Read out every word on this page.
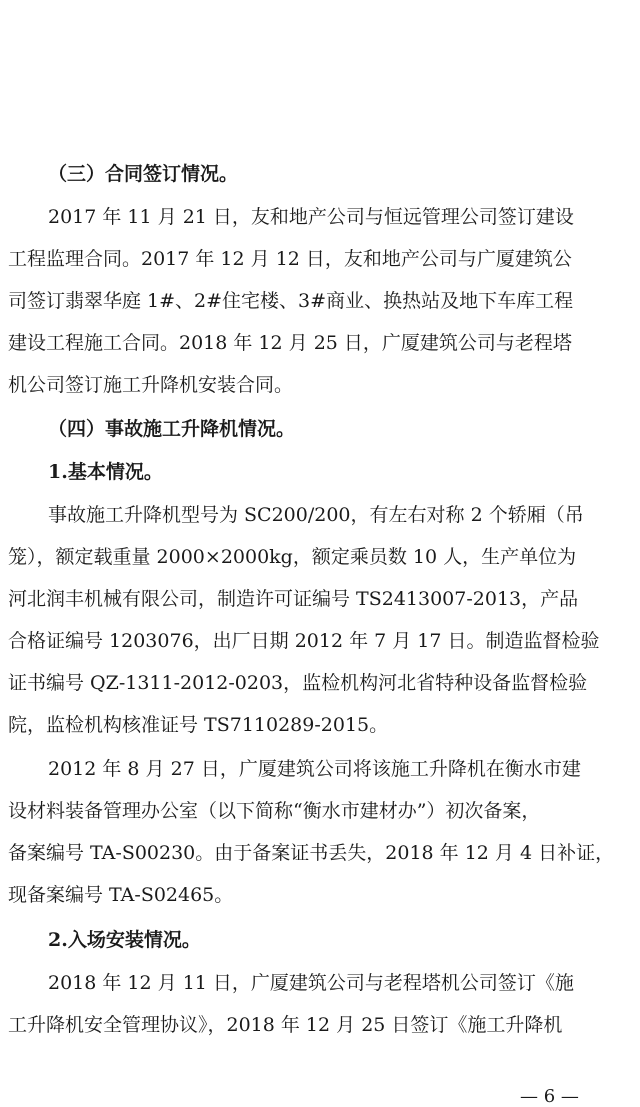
（三）合同签订情况。
2017 年 11 月 21 日，友和地产公司与恒远管理公司签订建设
工程监理合同。2017 年 12 月 12 日，友和地产公司与广厦建筑公
司签订翡翠华庭 1#、2#住宅楼、3#商业、换热站及地下车库工程
建设工程施工合同。2018 年 12 月 25 日，广厦建筑公司与老程塔
机公司签订施工升降机安装合同。
（四）事故施工升降机情况。
1.基本情况。
事故施工升降机型号为 SC200/200，有左右对称 2 个轿厢（吊
笼），额定载重量 2000×2000kg，额定乘员数 10 人，生产单位为
河北润丰机械有限公司，制造许可证编号 TS2413007-2013，产品
合格证编号 1203076，出厂日期 2012 年 7 月 17 日。制造监督检验
证书编号 QZ-1311-2012-0203，监检机构河北省特种设备监督检验
院，监检机构核准证号 TS7110289-2015。
2012 年 8 月 27 日，广厦建筑公司将该施工升降机在衡水市建
设材料装备管理办公室（以下简称“衡水市建材办”）初次备案，
备案编号 TA-S00230。由于备案证书丢失，2018 年 12 月 4 日补证，
现备案编号 TA-S02465。
2.入场安装情况。
2018 年 12 月 11 日，广厦建筑公司与老程塔机公司签订《施
工升降机安全管理协议》，2018 年 12 月 25 日签订《施工升降机
— 6 —
